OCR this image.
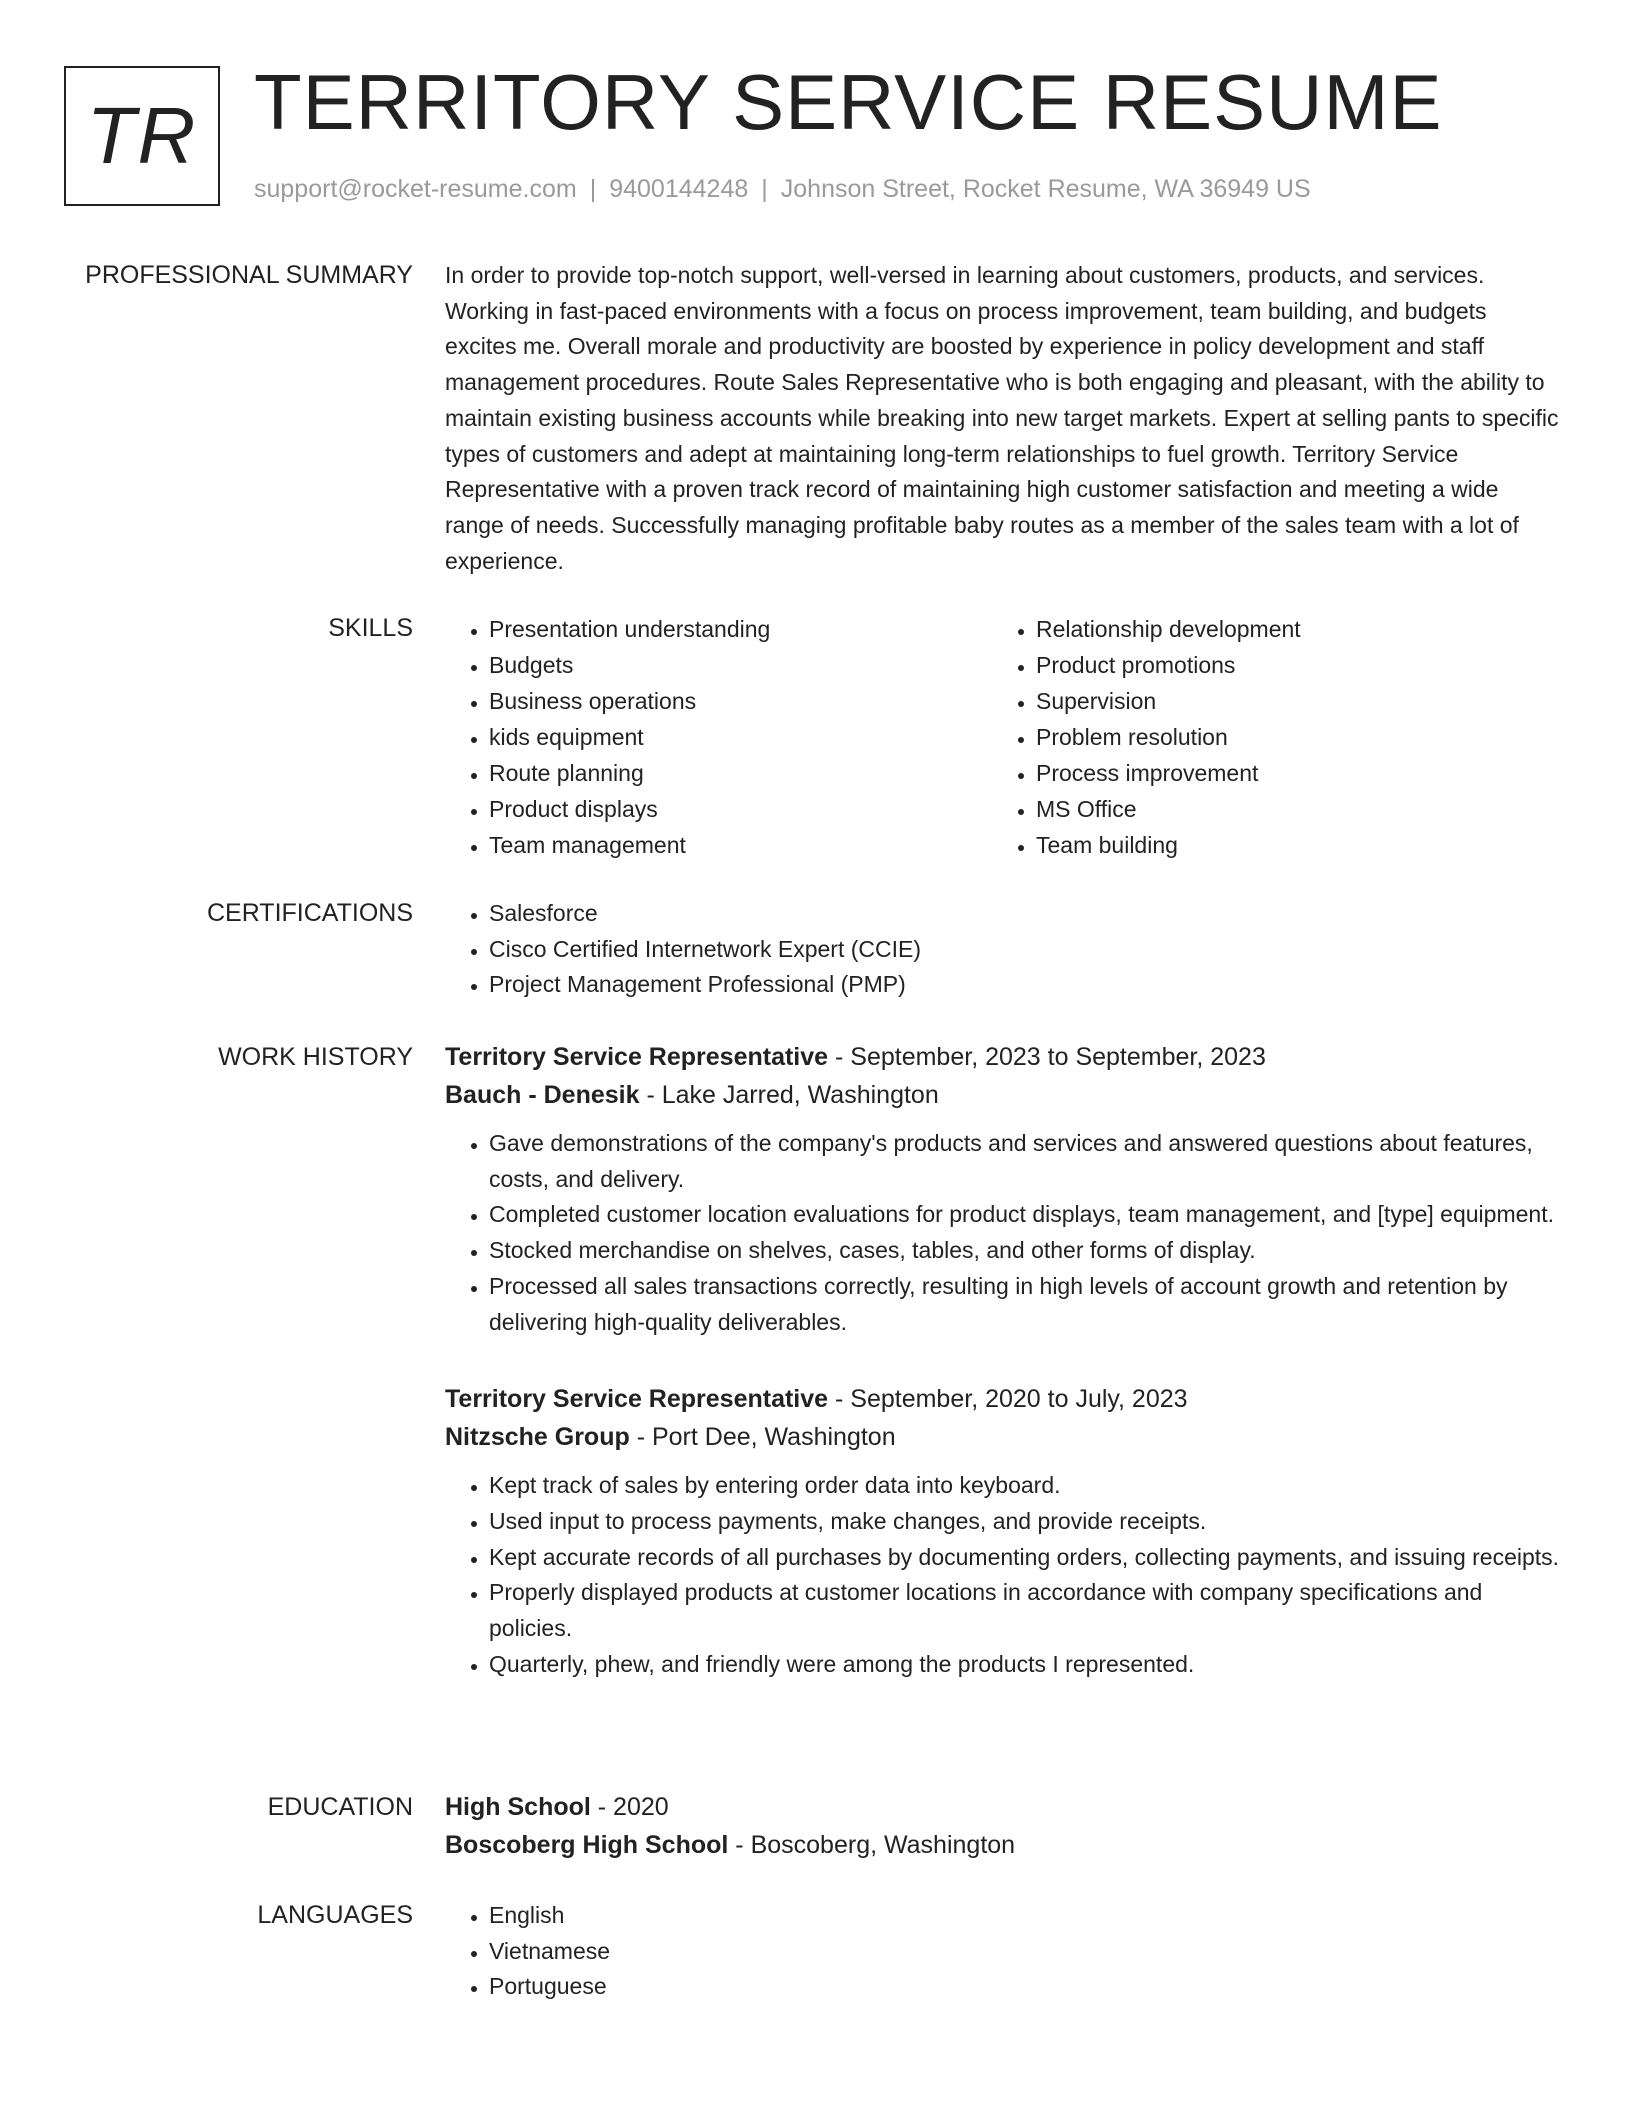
TR TERRITORY SERVICE RESUME
support@rocket-resume.com | 9400144248 | Johnson Street, Rocket Resume, WA 36949 US
PROFESSIONAL SUMMARY In order to provide top-notch support, well-versed in learning about customers, products, and services. Working in fast-paced environments with a focus on process improvement, team building, and budgets excites me. Overall morale and productivity are boosted by experience in policy development and staff management procedures. Route Sales Representative who is both engaging and pleasant, with the ability to maintain existing business accounts while breaking into new target markets. Expert at selling pants to specific types of customers and adept at maintaining long-term relationships to fuel growth. Territory Service Representative with a proven track record of maintaining high customer satisfaction and meeting a wide range of needs. Successfully managing profitable baby routes as a member of the sales team with a lot of experience.

SKILLS	• Presentation understanding
• Budgets
• Business operations
• kids equipment
• Route planning
• Product displays
• Team management
• Relationship development
• Product promotions
• Supervision
• Problem resolution
• Process improvement
• MS Office
• Team building
CERTIFICATIONS	• Salesforce
• Cisco Certified Internetwork Expert (CCIE)
• Project Management Professional (PMP)
WORK HISTORY Territory Service Representative - September, 2023 to September, 2023
Bauch - Denesik - Lake Jarred, Washington
• Gave demonstrations of the company's products and services and answered questions about features, costs, and delivery.
• Completed customer location evaluations for product displays, team management, and [type] equipment.
• Stocked merchandise on shelves, cases, tables, and other forms of display.
• Processed all sales transactions correctly, resulting in high levels of account growth and retention by delivering high-quality deliverables.
Territory Service Representative - September, 2020 to July, 2023
Nitzsche Group - Port Dee, Washington
• Kept track of sales by entering order data into keyboard.
• Used input to process payments, make changes, and provide receipts.
• Kept accurate records of all purchases by documenting orders, collecting payments, and issuing receipts.
• Properly displayed products at customer locations in accordance with company specifications and policies.
• Quarterly, phew, and friendly were among the products I represented.
EDUCATION High School - 2020
Boscoberg High School - Boscoberg, Washington
LANGUAGES	• English
• Vietnamese
• Portuguese
